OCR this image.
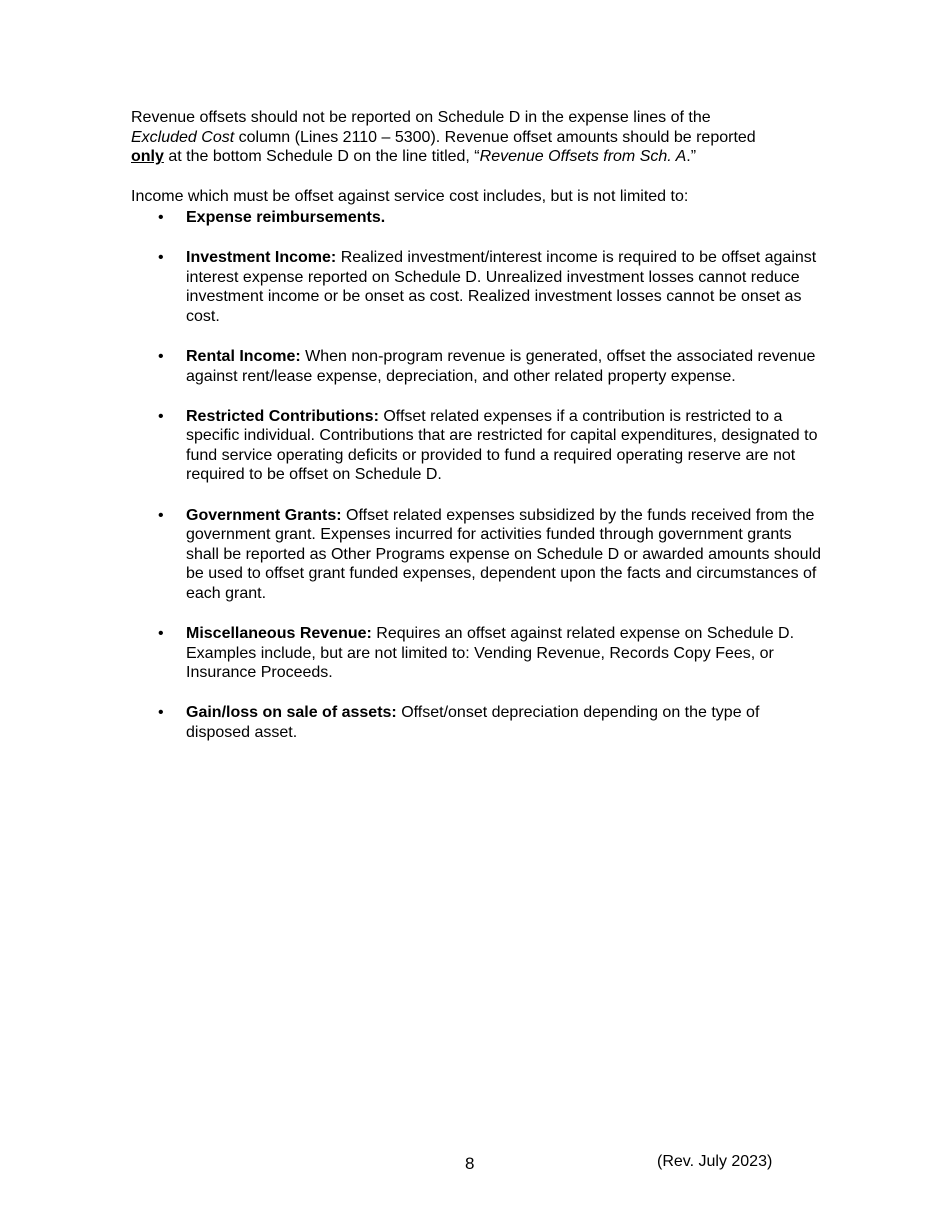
Revenue offsets should not be reported on Schedule D in the expense lines of the
Excluded Cost column (Lines 2110 – 5300). Revenue offset amounts should be reported
only at the bottom Schedule D on the line titled, “Revenue Offsets from Sch. A.”

Income which must be offset against service cost includes, but is not limited to:

• Expense reimbursements.
• Investment Income: Realized investment/interest income is required to be offset against interest expense reported on Schedule D. Unrealized investment losses cannot reduce investment income or be onset as cost. Realized investment losses cannot be onset as cost.
• Rental Income: When non-program revenue is generated, offset the associated revenue against rent/lease expense, depreciation, and other related property expense.
• Restricted Contributions: Offset related expenses if a contribution is restricted to a specific individual. Contributions that are restricted for capital expenditures, designated to fund service operating deficits or provided to fund a required operating reserve are not required to be offset on Schedule D.
• Government Grants: Offset related expenses subsidized by the funds received from the government grant. Expenses incurred for activities funded through government grants shall be reported as Other Programs expense on Schedule D or awarded amounts should be used to offset grant funded expenses, dependent upon the facts and circumstances of each grant.
• Miscellaneous Revenue: Requires an offset against related expense on Schedule D. Examples include, but are not limited to: Vending Revenue, Records Copy Fees, or Insurance Proceeds.
• Gain/loss on sale of assets: Offset/onset depreciation depending on the type of disposed asset.
8	(Rev. July 2023)
